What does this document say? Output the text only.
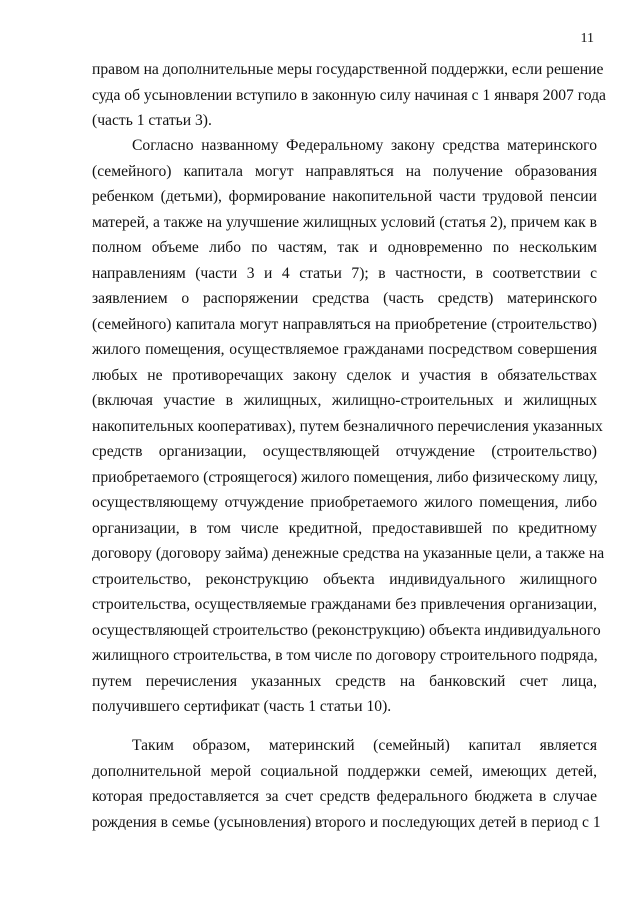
11
правом на дополнительные меры государственной поддержки, если решение
суда об усыновлении вступило в законную силу начиная с 1 января 2007 года
(часть 1 статьи 3).
Согласно названному Федеральному закону средства материнского
(семейного) капитала могут направляться на получение образования
ребенком (детьми), формирование накопительной части трудовой пенсии
матерей, а также на улучшение жилищных условий (статья 2), причем как в
полном объеме либо по частям, так и одновременно по нескольким
направлениям (части 3 и 4 статьи 7); в частности, в соответствии с
заявлением о распоряжении средства (часть средств) материнского
(семейного) капитала могут направляться на приобретение (строительство)
жилого помещения, осуществляемое гражданами посредством совершения
любых не противоречащих закону сделок и участия в обязательствах
(включая участие в жилищных, жилищно-строительных и жилищных
накопительных кооперативах), путем безналичного перечисления указанных
средств организации, осуществляющей отчуждение (строительство)
приобретаемого (строящегося) жилого помещения, либо физическому лицу,
осуществляющему отчуждение приобретаемого жилого помещения, либо
организации, в том числе кредитной, предоставившей по кредитному
договору (договору займа) денежные средства на указанные цели, а также на
строительство, реконструкцию объекта индивидуального жилищного
строительства, осуществляемые гражданами без привлечения организации,
осуществляющей строительство (реконструкцию) объекта индивидуального
жилищного строительства, в том числе по договору строительного подряда,
путем перечисления указанных средств на банковский счет лица,
получившего сертификат (часть 1 статьи 10).
Таким образом, материнский (семейный) капитал является
дополнительной мерой социальной поддержки семей, имеющих детей,
которая предоставляется за счет средств федерального бюджета в случае
рождения в семье (усыновления) второго и последующих детей в период с 1
